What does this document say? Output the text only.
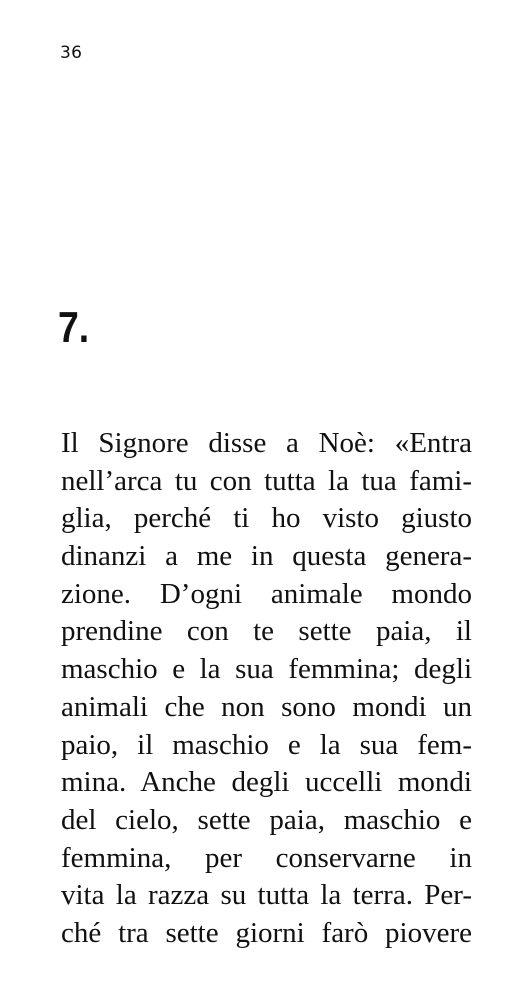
36
7.
Il Signore disse a Noè: «Entra
nell’arca tu con tutta la tua fami-
glia, perché ti ho visto giusto
dinanzi a me in questa genera-
zione. D’ogni animale mondo
prendine con te sette paia, il
maschio e la sua femmina; degli
animali che non sono mondi un
paio, il maschio e la sua fem-
mina. Anche degli uccelli mondi
del cielo, sette paia, maschio e
femmina, per conservarne in
vita la razza su tutta la terra. Per-
ché tra sette giorni farò piovere
